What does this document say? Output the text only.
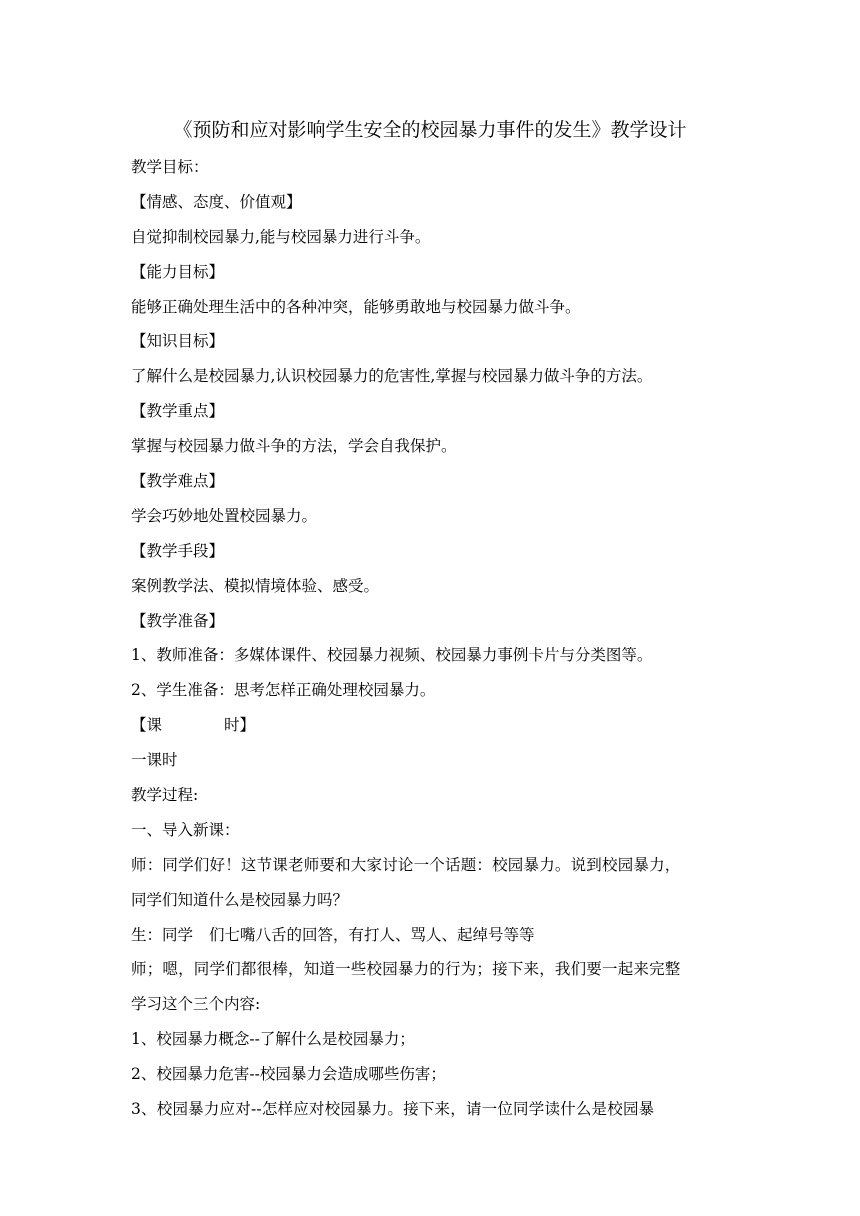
《预防和应对影响学生安全的校园暴力事件的发生》教学设计
教学目标：
【情感、态度、价值观】
自觉抑制校园暴力,能与校园暴力进行斗争。
【能力目标】
能够正确处理生活中的各种冲突，能够勇敢地与校园暴力做斗争。
【知识目标】
了解什么是校园暴力,认识校园暴力的危害性,掌握与校园暴力做斗争的方法。
【教学重点】
掌握与校园暴力做斗争的方法，学会自我保护。
【教学难点】
学会巧妙地处置校园暴力。
【教学手段】
案例教学法、模拟情境体验、感受。
【教学准备】
1、教师准备：多媒体课件、校园暴力视频、校园暴力事例卡片与分类图等。
2、学生准备：思考怎样正确处理校园暴力。
【课	时】
一课时
教学过程:
一、导入新课：
师：同学们好！这节课老师要和大家讨论一个话题：校园暴力。说到校园暴力，
同学们知道什么是校园暴力吗？
生：同学 们七嘴八舌的回答，有打人、骂人、起绰号等等
师；嗯，同学们都很棒，知道一些校园暴力的行为；接下来，我们要一起来完整
学习这个三个内容:
1、校园暴力概念--了解什么是校园暴力；
2、校园暴力危害--校园暴力会造成哪些伤害；
3、校园暴力应对--怎样应对校园暴力。接下来，请一位同学读什么是校园暴
